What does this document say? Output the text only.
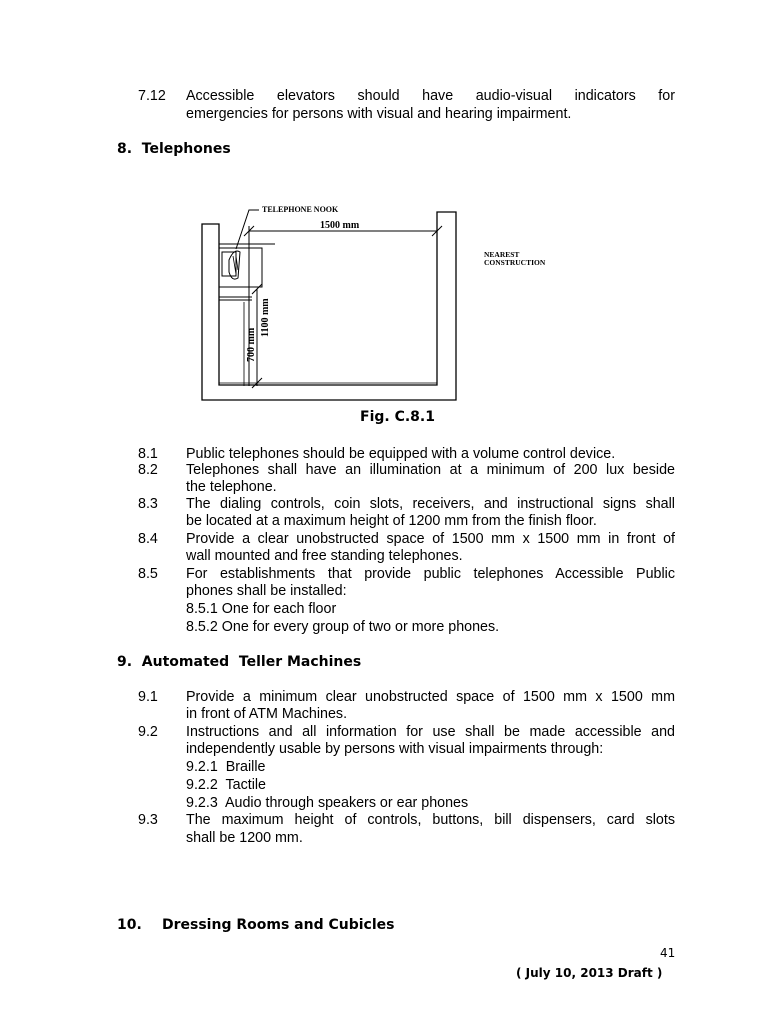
7.12 Accessible elevators should have audio-visual indicators for
emergencies for persons with visual and hearing impairment.
8.  Telephones
TELEPHONE NOOK
1500 mm
1100 mm
700 mm
NEAREST
CONSTRUCTION
Fig. C.8.1
8.1 Public telephones should be equipped with a volume control device.
8.2 Telephones shall have an illumination at a minimum of 200 lux beside
the telephone.
8.3 The dialing controls, coin slots, receivers, and instructional signs shall
be located at a maximum height of 1200 mm from the finish floor.
8.4 Provide a clear unobstructed space of 1500 mm x 1500 mm in front of
wall mounted and free standing telephones.
8.5 For establishments that provide public telephones Accessible Public
phones shall be installed:
8.5.1 One for each floor
8.5.2 One for every group of two or more phones.
9.  Automated  Teller Machines
9.1 Provide a minimum clear unobstructed space of 1500 mm x 1500 mm
in front of ATM Machines.
9.2 Instructions and all information for use shall be made accessible and
independently usable by persons with visual impairments through:
9.2.1  Braille
9.2.2  Tactile
9.2.3  Audio through speakers or ear phones
9.3 The maximum height of controls, buttons, bill dispensers, card slots
shall be 1200 mm.
10. Dressing Rooms and Cubicles
41
( July 10, 2013 Draft )
